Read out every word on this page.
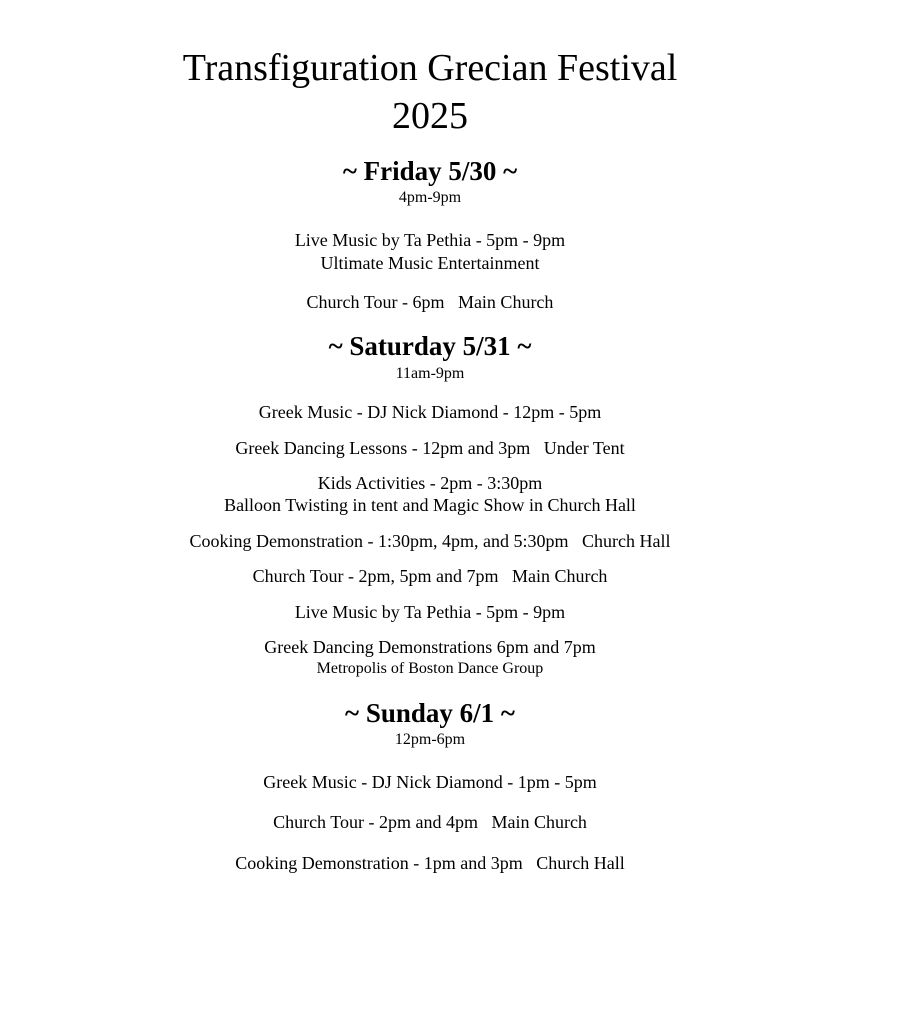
Transfiguration Grecian Festival
2025
~ Friday 5/30 ~
4pm-9pm
Live Music by Ta Pethia - 5pm - 9pm
Ultimate Music Entertainment
Church Tour - 6pm   Main Church
~ Saturday 5/31 ~
11am-9pm
Greek Music - DJ Nick Diamond - 12pm - 5pm
Greek Dancing Lessons - 12pm and 3pm   Under Tent
Kids Activities - 2pm - 3:30pm
Balloon Twisting in tent and Magic Show in Church Hall
Cooking Demonstration - 1:30pm, 4pm, and 5:30pm   Church Hall
Church Tour - 2pm, 5pm and 7pm   Main Church
Live Music by Ta Pethia - 5pm - 9pm
Greek Dancing Demonstrations 6pm and 7pm
Metropolis of Boston Dance Group
~ Sunday 6/1 ~
12pm-6pm
Greek Music - DJ Nick Diamond - 1pm - 5pm
Church Tour - 2pm and 4pm   Main Church
Cooking Demonstration - 1pm and 3pm   Church Hall
